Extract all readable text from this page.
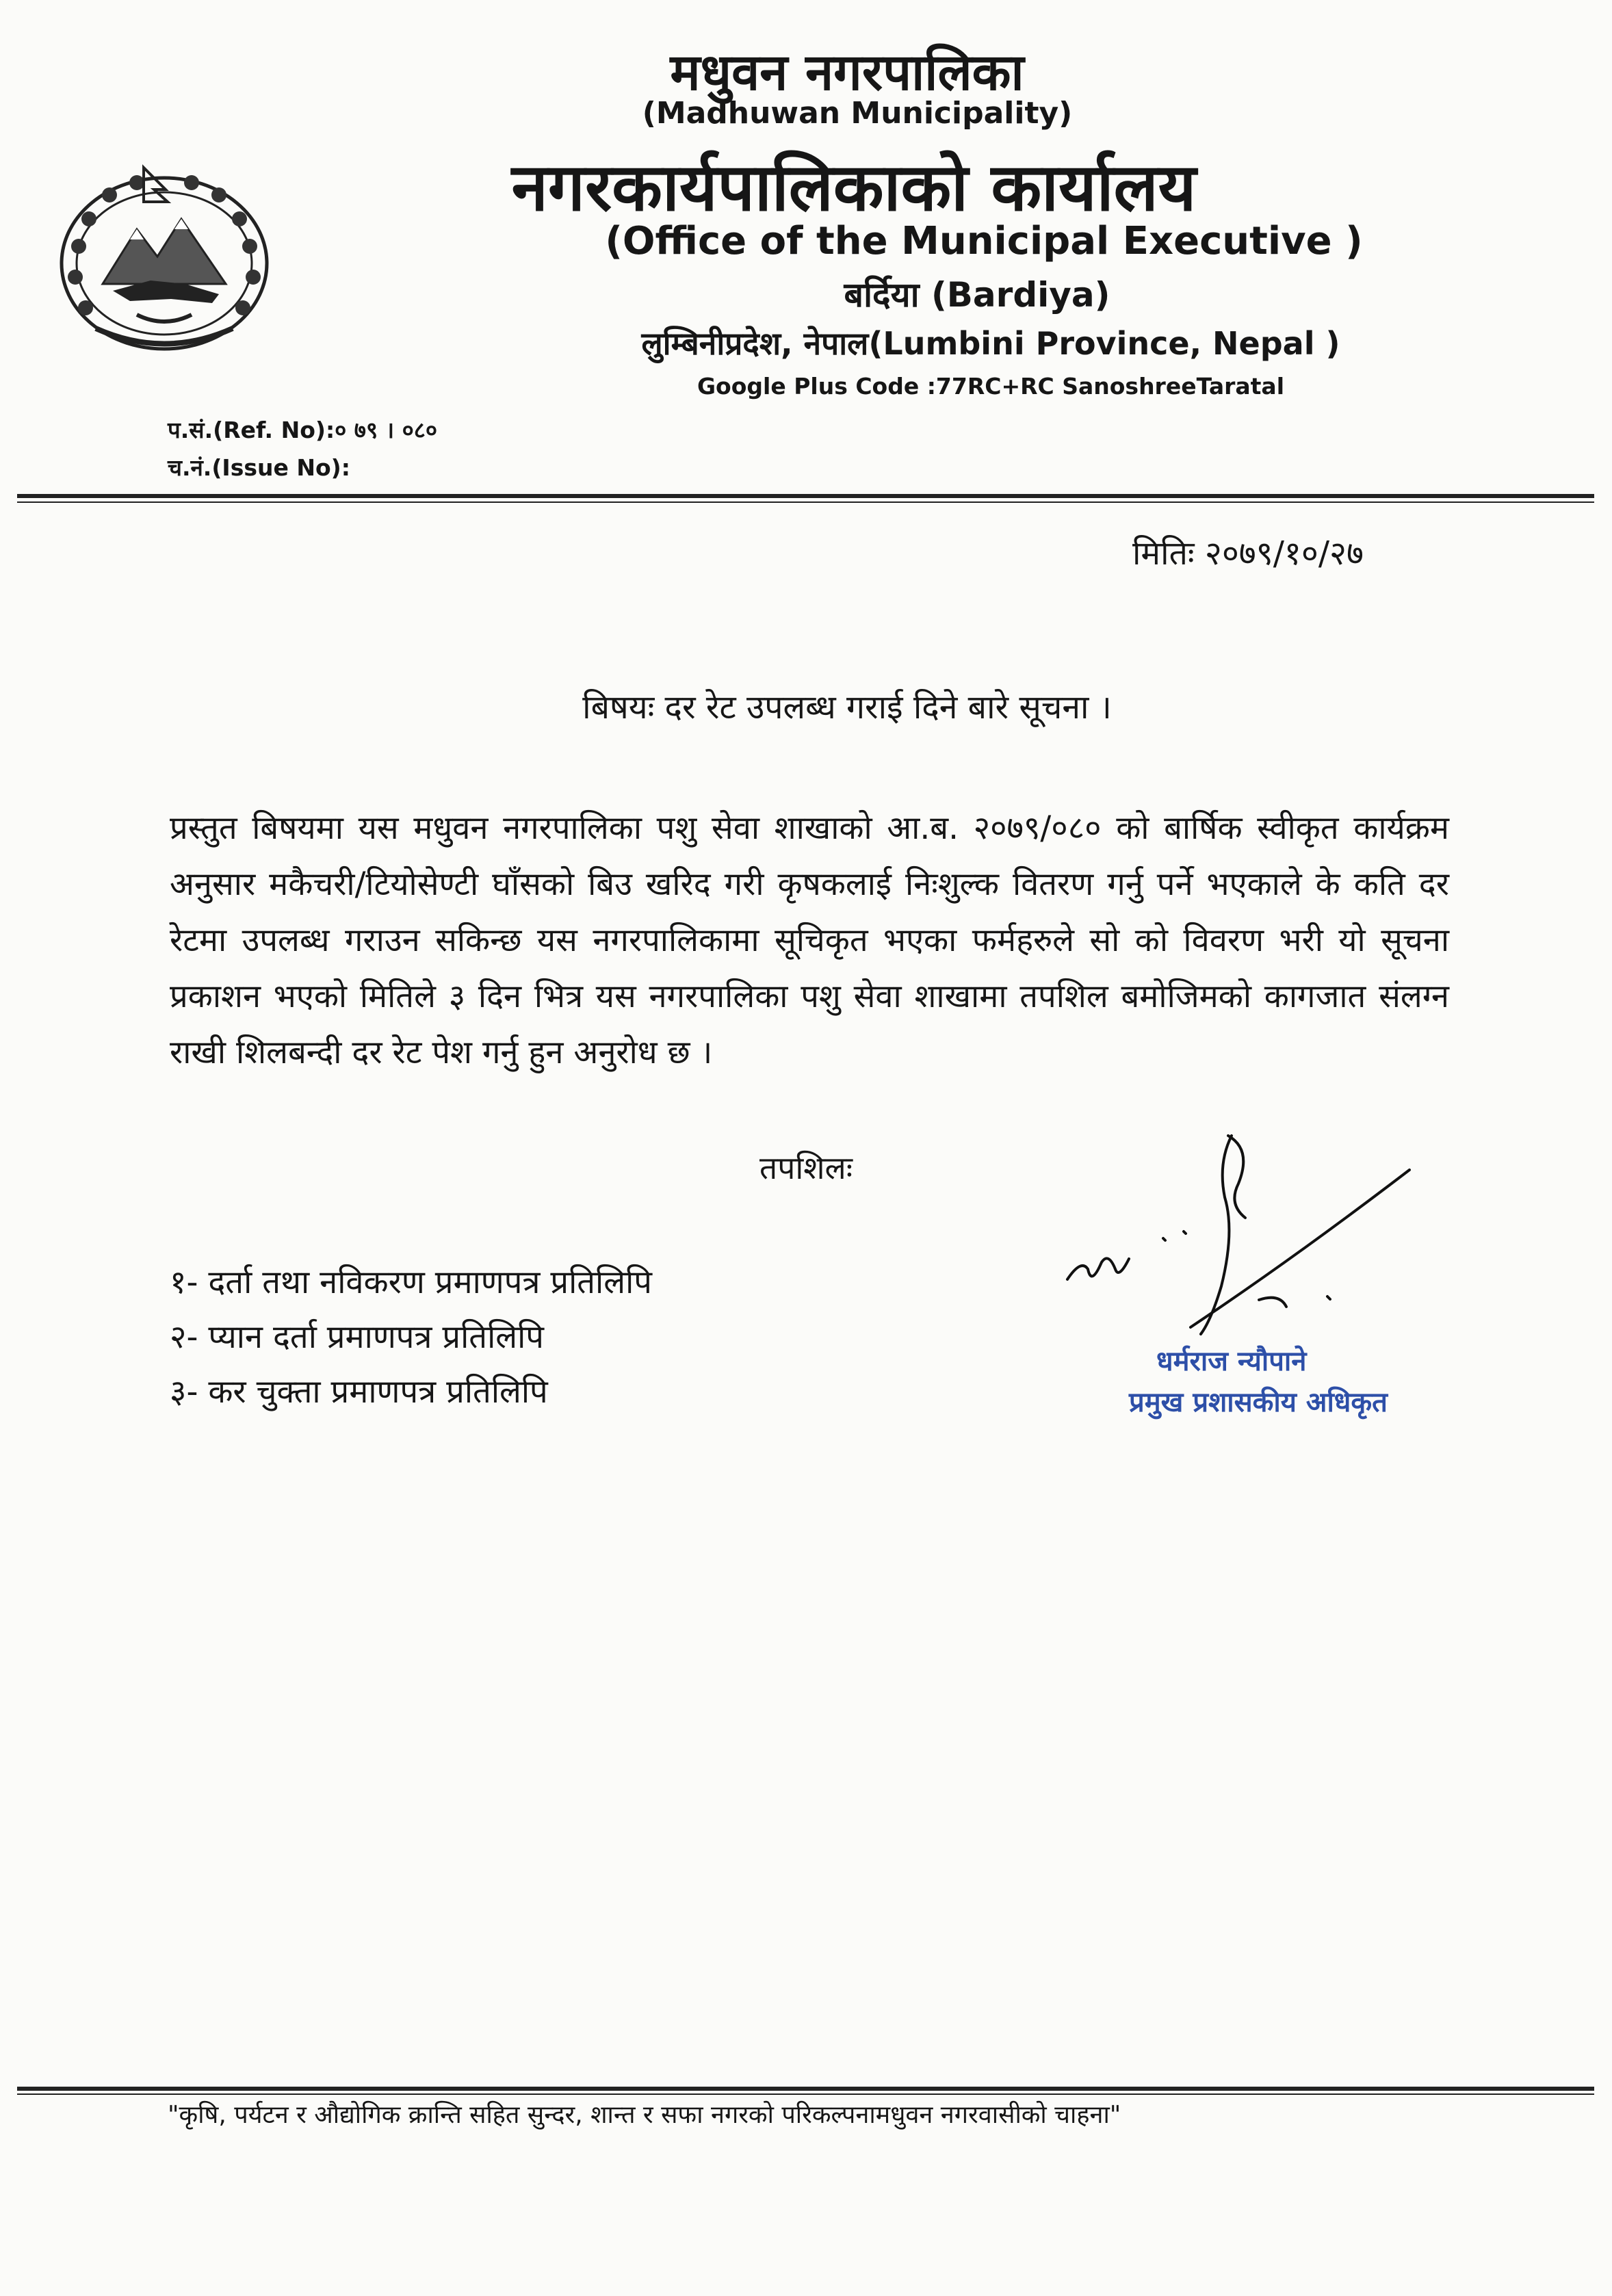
मधुवन नगरपालिका
(Madhuwan Municipality)
नगरकार्यपालिकाको कार्यालय
(Office of the Municipal Executive )
बर्दिया (Bardiya)
लुम्बिनीप्रदेश, नेपाल(Lumbini Province, Nepal )
Google Plus Code :77RC+RC SanoshreeTaratal
प.सं.(Ref. No):० ७९ । ०८०
च.नं.(Issue No):
मितिः २०७९/१०/२७
बिषयः दर रेट उपलब्ध गराई दिने बारे सूचना ।

प्रस्तुत बिषयमा यस मधुवन नगरपालिका पशु सेवा शाखाको आ.ब. २०७९/०८० को बार्षिक स्वीकृत कार्यक्रम अनुसार मकैचरी/टियोसेण्टी घाँसको बिउ खरिद गरी कृषकलाई निःशुल्क वितरण गर्नु पर्ने भएकाले के कति दर रेटमा उपलब्ध गराउन सकिन्छ यस नगरपालिकामा सूचिकृत भएका फर्महरुले सो को विवरण भरी यो सूचना प्रकाशन भएको मितिले ३ दिन भित्र यस नगरपालिका पशु सेवा शाखामा तपशिल बमोजिमको कागजात संलग्न राखी शिलबन्दी दर रेट पेश गर्नु हुन अनुरोध छ ।

तपशिलः
१- दर्ता तथा नविकरण प्रमाणपत्र प्रतिलिपि
२- प्यान दर्ता प्रमाणपत्र प्रतिलिपि
३- कर चुक्ता प्रमाणपत्र प्रतिलिपि
धर्मराज न्यौपाने
प्रमुख प्रशासकीय अधिकृत
"कृषि, पर्यटन र औद्योगिक क्रान्ति सहित सुन्दर, शान्त र सफा नगरको परिकल्पनामधुवन नगरवासीको चाहना"
